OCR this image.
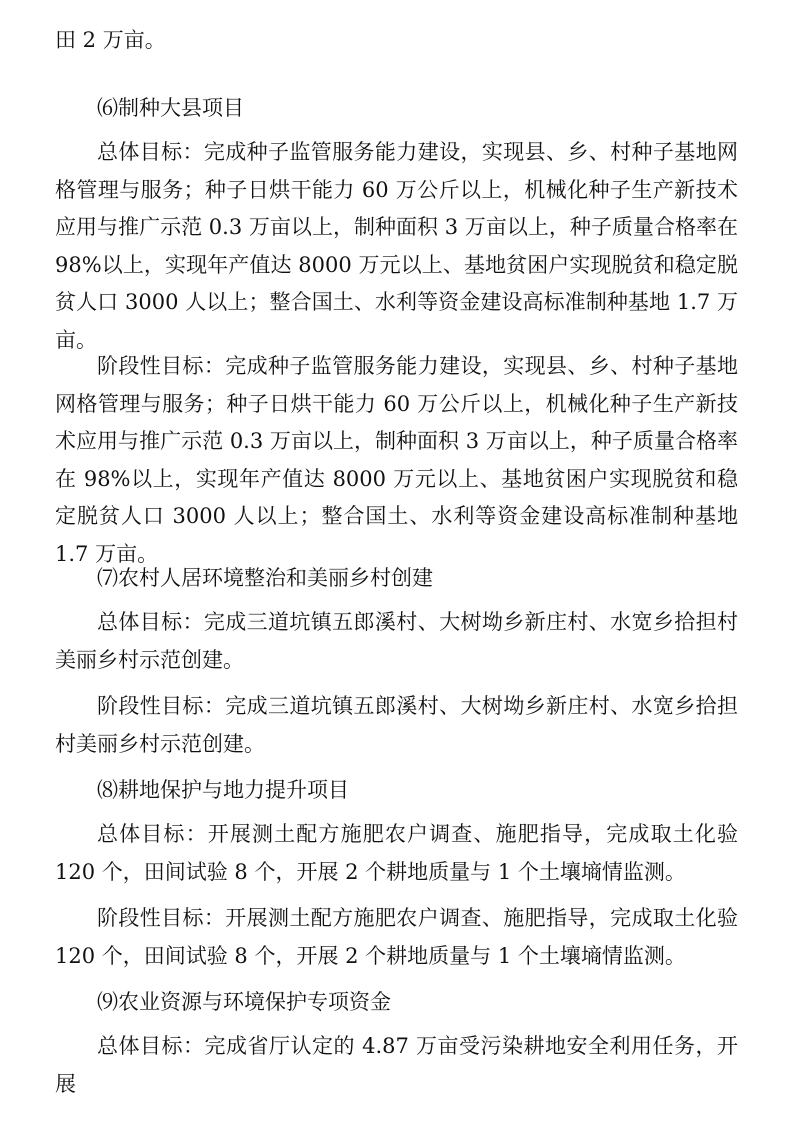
田 2 万亩。

⑹制种大县项目

总体目标：完成种子监管服务能力建设，实现县、乡、村种子基地网格管理与服务；种子日烘干能力 60 万公斤以上，机械化种子生产新技术应用与推广示范 0.3 万亩以上，制种面积 3 万亩以上，种子质量合格率在 98%以上，实现年产值达 8000 万元以上、基地贫困户实现脱贫和稳定脱贫人口 3000 人以上；整合国土、水利等资金建设高标准制种基地 1.7 万亩。

阶段性目标：完成种子监管服务能力建设，实现县、乡、村种子基地网格管理与服务；种子日烘干能力 60 万公斤以上，机械化种子生产新技术应用与推广示范 0.3 万亩以上，制种面积 3 万亩以上，种子质量合格率在 98%以上，实现年产值达 8000 万元以上、基地贫困户实现脱贫和稳定脱贫人口 3000 人以上；整合国土、水利等资金建设高标准制种基地 1.7 万亩。

⑺农村人居环境整治和美丽乡村创建

总体目标：完成三道坑镇五郎溪村、大树坳乡新庄村、水宽乡拾担村美丽乡村示范创建。

阶段性目标：完成三道坑镇五郎溪村、大树坳乡新庄村、水宽乡拾担村美丽乡村示范创建。

⑻耕地保护与地力提升项目

总体目标：开展测土配方施肥农户调查、施肥指导，完成取土化验 120 个，田间试验 8 个，开展 2 个耕地质量与 1 个土壤墒情监测。

阶段性目标：开展测土配方施肥农户调查、施肥指导，完成取土化验 120 个，田间试验 8 个，开展 2 个耕地质量与 1 个土壤墒情监测。

⑼农业资源与环境保护专项资金

总体目标：完成省厅认定的 4.87 万亩受污染耕地安全利用任务，开展
